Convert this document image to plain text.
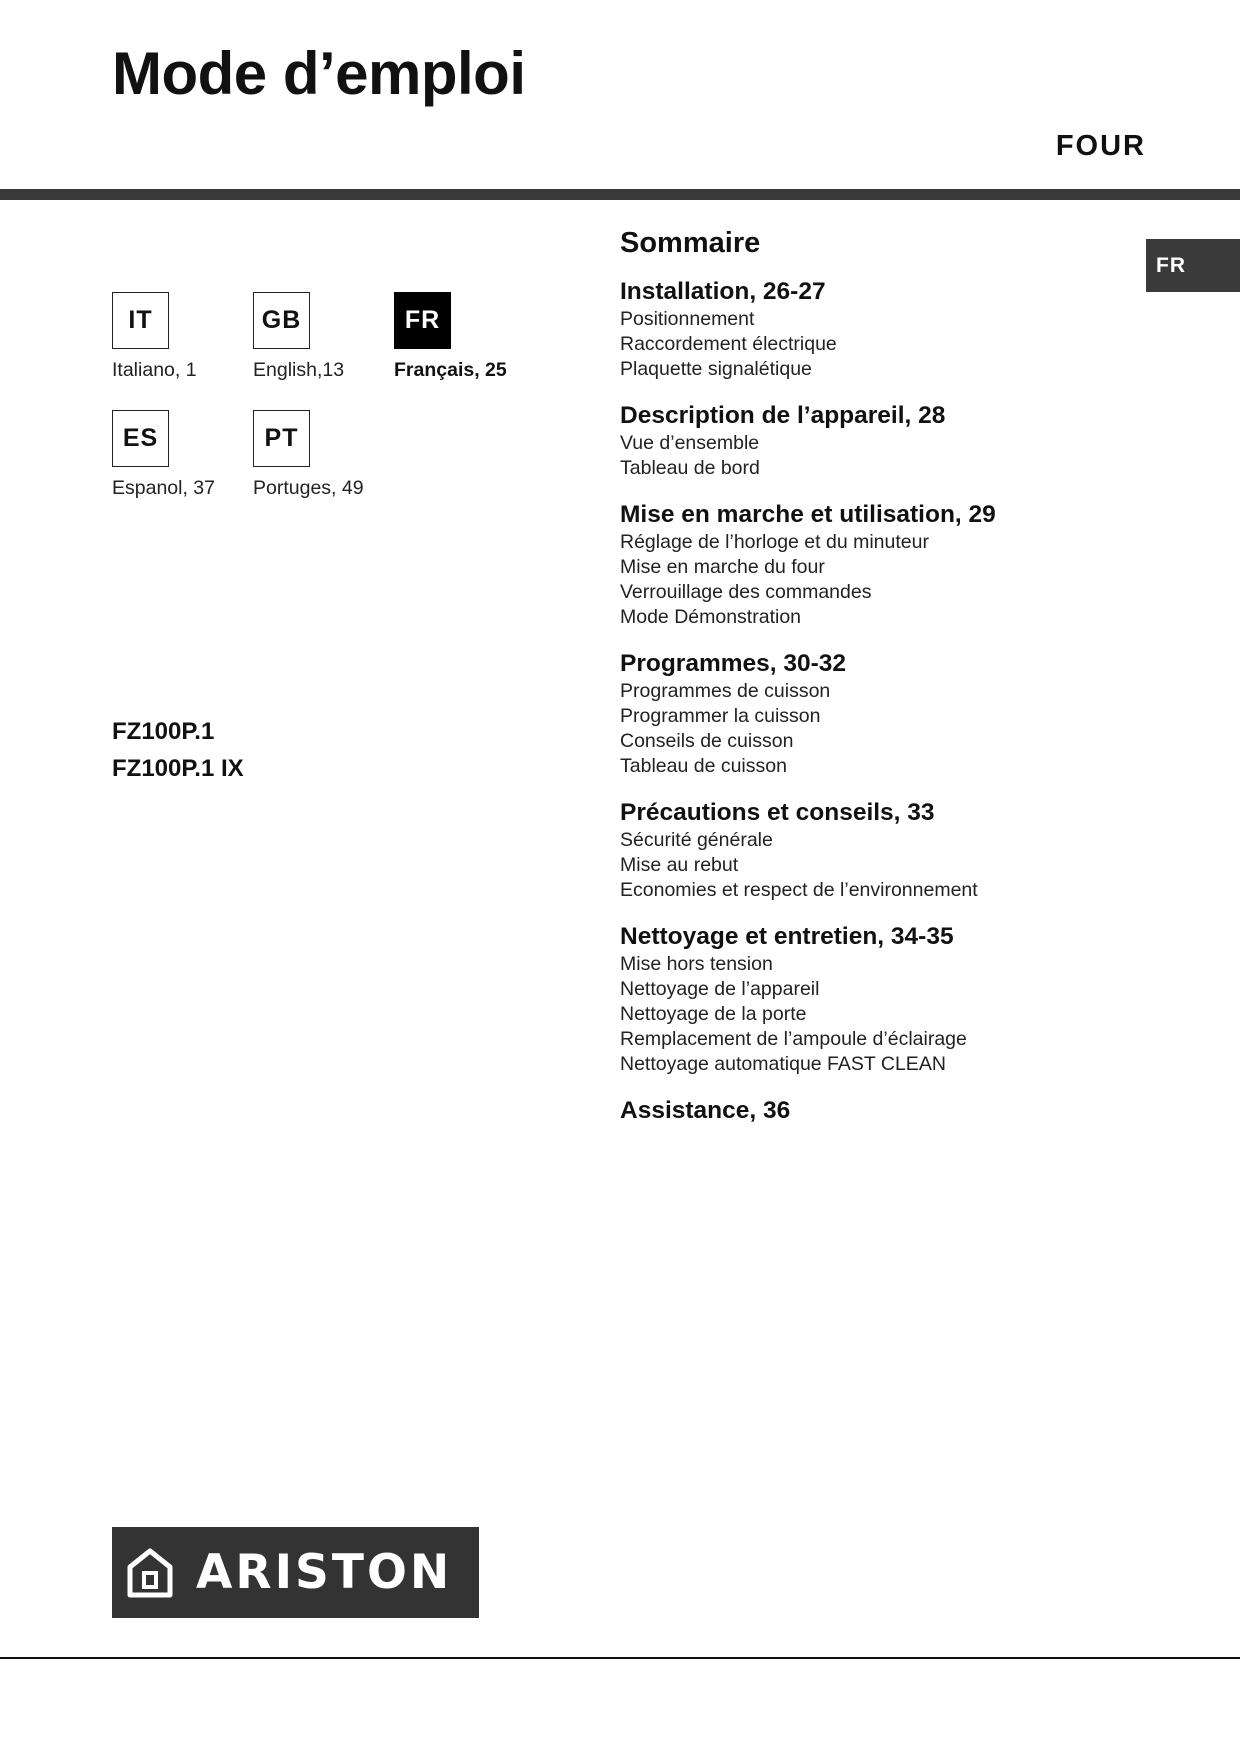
Mode d’emploi
FOUR
FR
IT
Italiano, 1
GB
English,13
FR
Français, 25
ES
Espanol, 37
PT
Portuges, 49
FZ100P.1
FZ100P.1 IX
Sommaire
Installation, 26-27
Positionnement
Raccordement électrique
Plaquette signalétique
Description de l’appareil, 28
Vue d’ensemble
Tableau de bord
Mise en marche et utilisation, 29
Réglage de l’horloge et du minuteur
Mise en marche du four
Verrouillage des commandes
Mode Démonstration
Programmes, 30-32
Programmes de cuisson
Programmer la cuisson
Conseils de cuisson
Tableau de cuisson
Précautions et conseils, 33
Sécurité générale
Mise au rebut
Economies et respect de l’environnement
Nettoyage et entretien, 34-35
Mise hors tension
Nettoyage de l’appareil
Nettoyage de la porte
Remplacement de l’ampoule d’éclairage
Nettoyage automatique FAST CLEAN
Assistance, 36
ARISTON
